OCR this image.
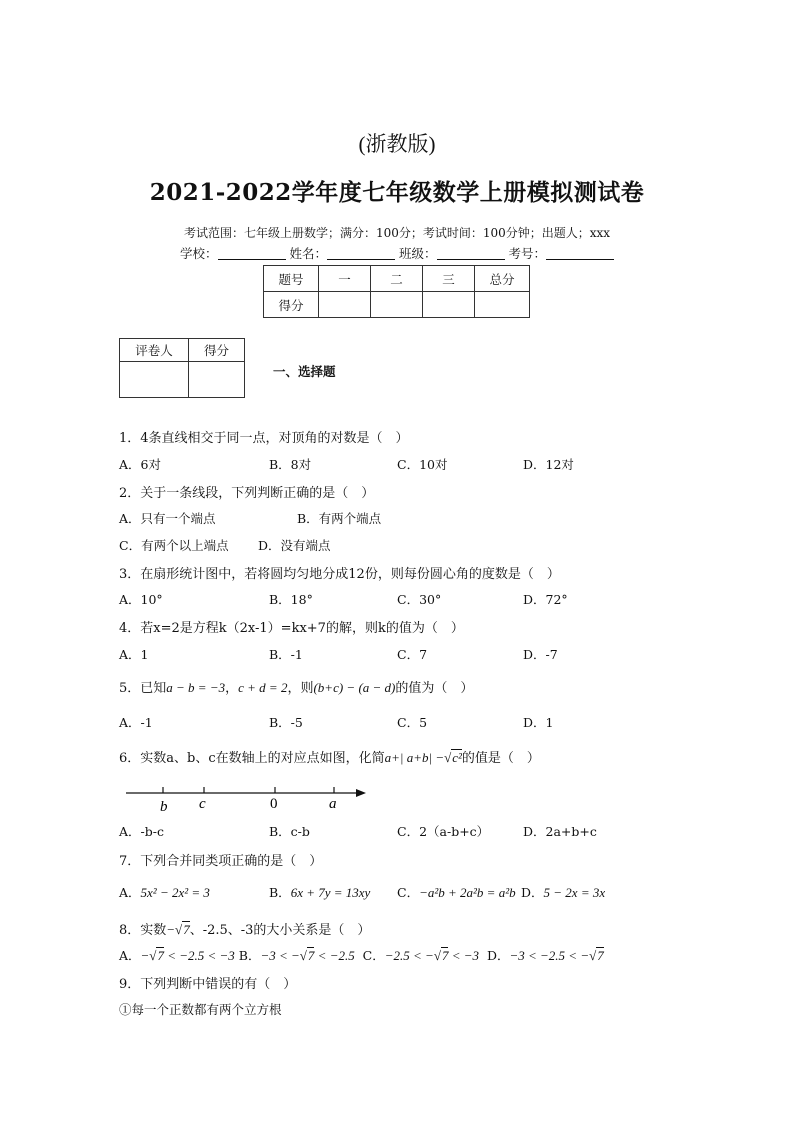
(浙教版)
2021-2022学年度七年级数学上册模拟测试卷
考试范围：七年级上册数学；满分：100分；考试时间：100分钟；出题人；xxx
学校：	姓名：	班级：	考号：
题号	一	二	三	总分
得分				
评卷人	得分

一、选择题
1．4条直线相交于同一点，对顶角的对数是（　）
A．6对	B．8对	C．10对	D．12对
2．关于一条线段，下列判断正确的是（　）
A．只有一个端点	B．有两个端点
C．有两个以上端点 D．没有端点
3．在扇形统计图中，若将圆均匀地分成12份，则每份圆心角的度数是（　）
A．10°	B．18°	C．30°	D．72°
4．若x=2是方程k（2x-1）=kx+7的解，则k的值为（　）
A．1	B．-1	C．7	D．-7
5．已知a − b = −3，c + d = 2，则(b+c) − (a − d)的值为（　）
A．-1	B．-5	C．5	D．1
6．实数a、b、c在数轴上的对应点如图，化简a+| a+b| −√c²的值是（　）
b c	0	a
A．-b-c	B．c-b	C．2（a-b+c）	D．2a+b+c
7．下列合并同类项正确的是（　）
A．5x² − 2x² = 3	B．6x + 7y = 13xy C．−a²b + 2a²b = a²b D．5 − 2x = 3x
8．实数−√7、-2.5、-3的大小关系是（　）
A．−√7 < −2.5 < −3 B．−3 < −√7 < −2.5 C．−2.5 < −√7 < −3 D．−3 < −2.5 < −√7
9．下列判断中错误的有（　）
①每一个正数都有两个立方根
